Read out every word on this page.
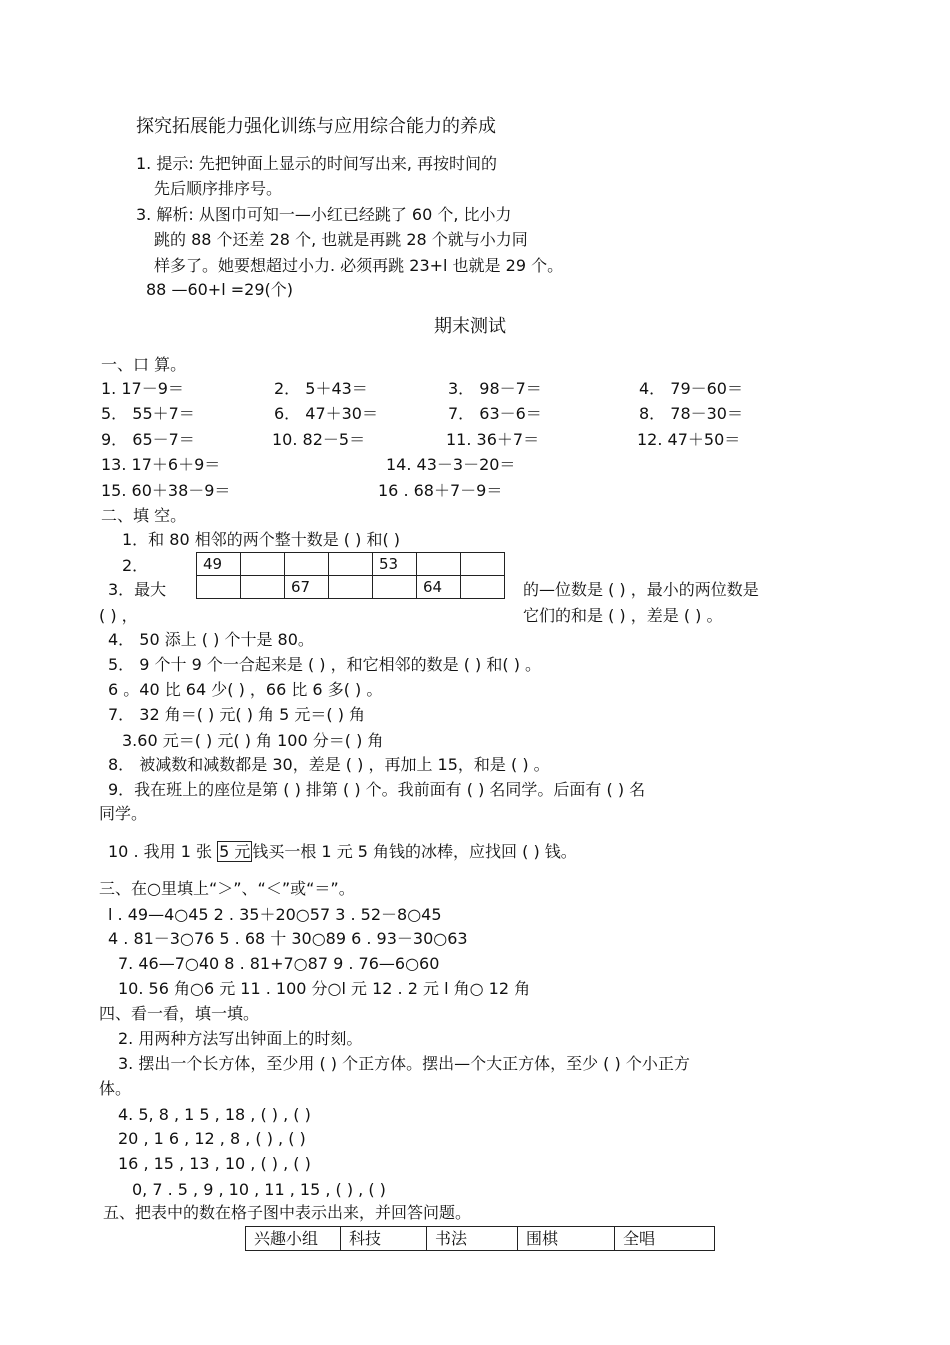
探究拓展能力强化训练与应用综合能力的养成
1. 提示: 先把钟面上显示的时间写出来, 再按时间的
先后顺序排序号。
3. 解析: 从图巾可知一—小红已经跳了 60 个, 比小力
跳的 88 个还差 28 个, 也就是再跳 28 个就与小力同
样多了。她要想超过小力. 必须再跳 23+l 也就是 29 个。
88 —60+l =29(个)
期末测试
一、口 算。
1. 17－9＝	2． 5＋43＝	3． 98－7＝	4． 79－60＝
5． 55＋7＝	6． 47＋30＝	7． 63－6＝	8． 78－30＝
9． 65－7＝	10. 82－5＝	11. 36＋7＝	12. 47＋50＝
13. 17＋6＋9＝	14. 43－3－20＝
15. 60＋38－9＝	16 . 68＋7－9＝
二、填 空。
1．和 80 相邻的两个整十数是 ( ) 和( )
2．	49				53		
		67			64	
3．最大	的—位数是 ( ) ，最小的两位数是
( ) ，	它们的和是 ( ) ，差是 ( ) 。
4． 50 添上 ( ) 个十是 80。
5． 9 个十 9 个一合起来是 ( ) ，和它相邻的数是 ( ) 和( ) 。
6 。40 比 64 少( ) ，66 比 6 多( ) 。
7． 32 角＝( ) 元( ) 角 5 元＝( ) 角
3.60 元＝( ) 元( ) 角 100 分＝( ) 角
8． 被减数和减数都是 30，差是 ( ) ，再加上 15，和是 ( ) 。
9．我在班上的座位是第 ( ) 排第 ( ) 个。我前面有 ( ) 名同学。后面有 ( ) 名
同学。
10 . 我用 1 张 5 元 钱买一根 1 元 5 角钱的冰棒，应找回 ( ) 钱。
三、在○里填上“＞”、“＜”或“＝”。
l . 49—4○45 2 . 35＋20○57 3 . 52－8○45
4 . 81－3○76 5 . 68 十 30○89 6 . 93－30○63
7. 46—7○40 8 . 81+7○87 9 . 76—6○60
10. 56 角○6 元 11 . 100 分○l 元 12 . 2 元 l 角○ 12 角
四、看一看，填一填。
2. 用两种方法写出钟面上的时刻。
3. 摆出一个长方体，至少用 ( ) 个正方体。摆出—个大正方体，至少 ( ) 个小正方
体。
4. 5, 8 , 1 5 , 18 , ( ) , ( )
20 , 1 6 , 12 , 8 , ( ) , ( )
16 , 15 , 13 , 10 , ( ) , ( )
0, 7 . 5 , 9 , 10 , 11 , 15 , ( ) , ( )
五、把表中的数在格子图中表示出来，并回答问题。
兴趣小组	科技	书法	围棋	全唱
